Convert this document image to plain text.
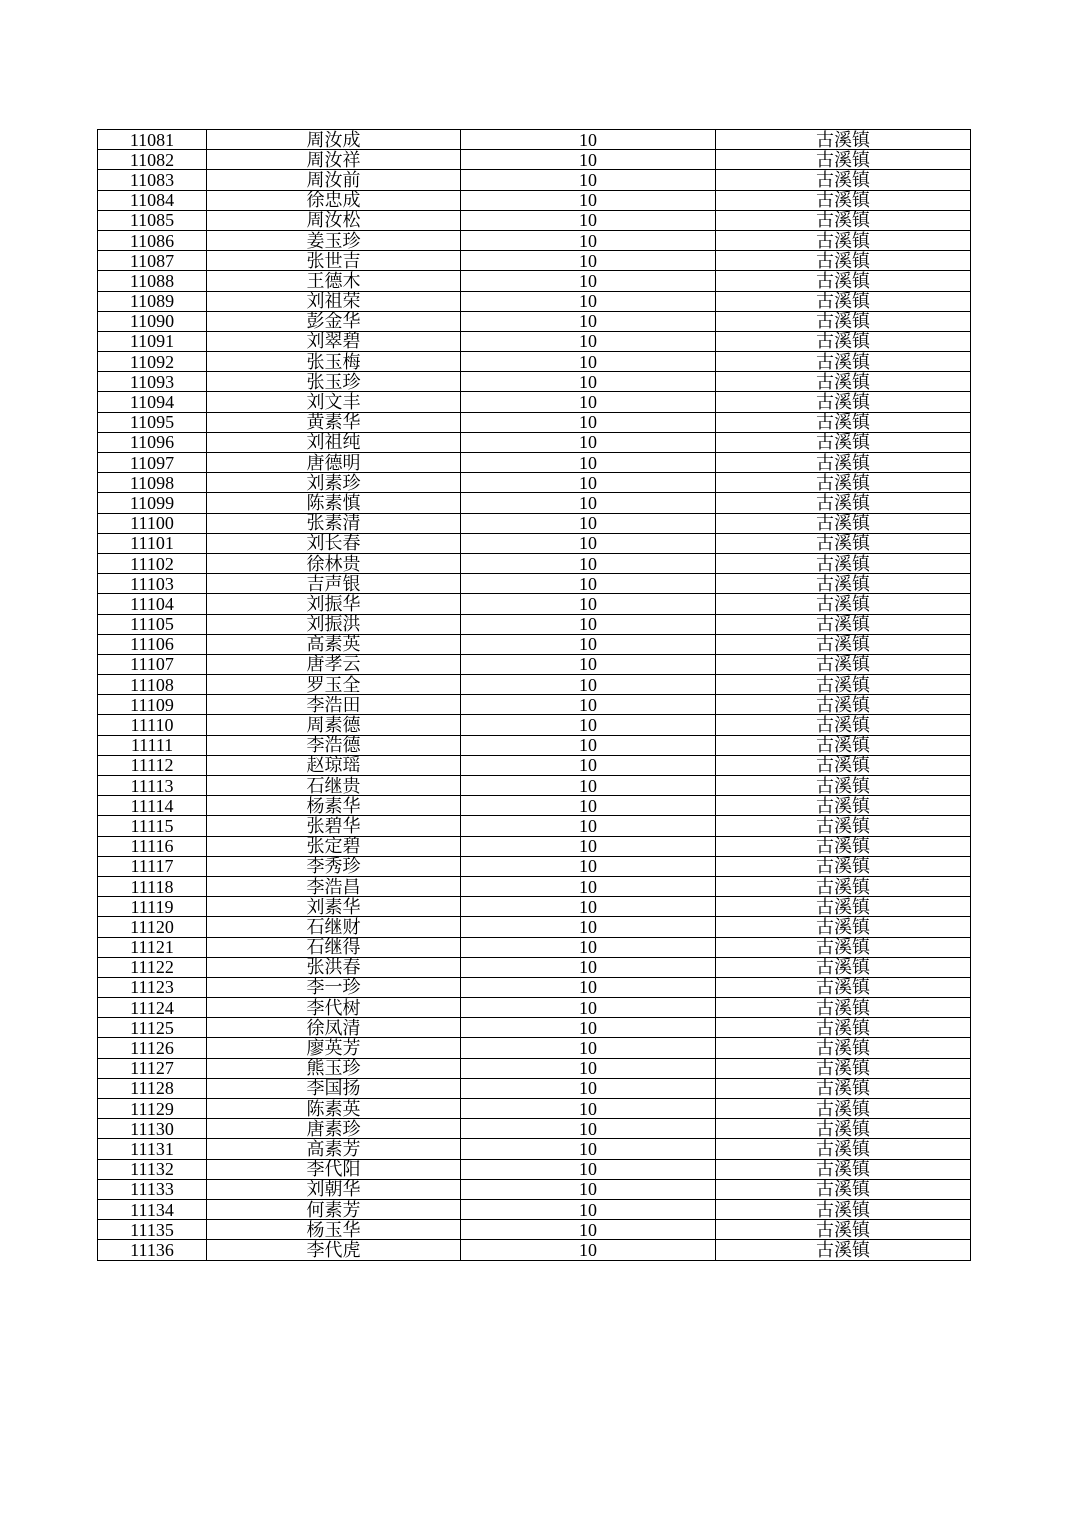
11081	周汝成	10	古溪镇
11082	周汝祥	10	古溪镇
11083	周汝前	10	古溪镇
11084	徐忠成	10	古溪镇
11085	周汝松	10	古溪镇
11086	姜玉珍	10	古溪镇
11087	张世吉	10	古溪镇
11088	王德木	10	古溪镇
11089	刘祖荣	10	古溪镇
11090	彭金华	10	古溪镇
11091	刘翠碧	10	古溪镇
11092	张玉梅	10	古溪镇
11093	张玉珍	10	古溪镇
11094	刘文丰	10	古溪镇
11095	黄素华	10	古溪镇
11096	刘祖纯	10	古溪镇
11097	唐德明	10	古溪镇
11098	刘素珍	10	古溪镇
11099	陈素慎	10	古溪镇
11100	张素清	10	古溪镇
11101	刘长春	10	古溪镇
11102	徐林贵	10	古溪镇
11103	吉声银	10	古溪镇
11104	刘振华	10	古溪镇
11105	刘振洪	10	古溪镇
11106	高素英	10	古溪镇
11107	唐孝云	10	古溪镇
11108	罗玉全	10	古溪镇
11109	李浩田	10	古溪镇
11110	周素德	10	古溪镇
11111	李浩德	10	古溪镇
11112	赵琼瑶	10	古溪镇
11113	石继贵	10	古溪镇
11114	杨素华	10	古溪镇
11115	张碧华	10	古溪镇
11116	张定碧	10	古溪镇
11117	李秀珍	10	古溪镇
11118	李浩昌	10	古溪镇
11119	刘素华	10	古溪镇
11120	石继财	10	古溪镇
11121	石继得	10	古溪镇
11122	张洪春	10	古溪镇
11123	李一珍	10	古溪镇
11124	李代树	10	古溪镇
11125	徐凤清	10	古溪镇
11126	廖英芳	10	古溪镇
11127	熊玉珍	10	古溪镇
11128	李国扬	10	古溪镇
11129	陈素英	10	古溪镇
11130	唐素珍	10	古溪镇
11131	高素芳	10	古溪镇
11132	李代阳	10	古溪镇
11133	刘朝华	10	古溪镇
11134	何素芳	10	古溪镇
11135	杨玉华	10	古溪镇
11136	李代虎	10	古溪镇
